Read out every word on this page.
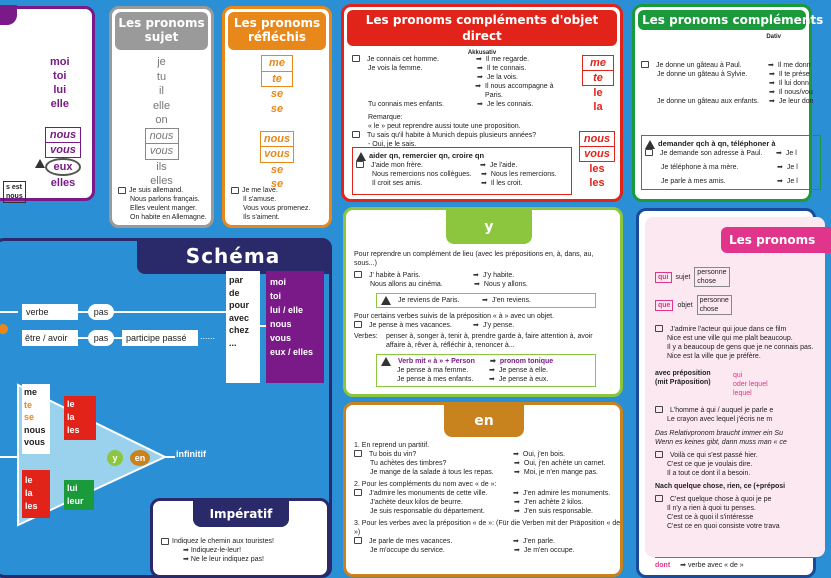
moi
toi
lui
elle
nous
vous
eux
elles
s est
nous
Les pronoms sujet
je
tu
il
elle
on
nous
vous
ils
elles
Je suis allemand.
Nous parlons français.
Elles veulent manger.
On habite en Allemagne.
Les pronoms réfléchis
me
te
se
se
nous
vous
se
se
Je me lave.
Il s'amuse.
Vous vous promenez.
Ils s'aiment.
Les pronoms compléments d'objet direct
Akkusativ
Je connais cet homme.	➡ Il me regarde.
Je vois la femme.	➡ Il te connais.
➡ Je la vois.
➡ Il nous accompagne à Paris.
Tu connais mes enfants.	➡ Je les connais.
Remarque:
« le » peut reprendre aussi toute une proposition.
Tu sais qu'il habite à Munich depuis plusieurs années?
- Oui, je le sais.
aider qn, remercier qn, croire qn
J'aide mon frère.	➡ Je l'aide.
Nous remercions nos collègues.	➡ Nous les remercions.
Il croit ses amis.	➡ Il les croit.
me
te
le
la
nous
vous
les
les
Les pronoms compléments
Dativ
Je donne un gâteau à Paul.	➡ Il me donn
Je donne un gâteau à Sylvie.	➡ Il te prése
➡ Il lui donn
➡ Il nous/vou
Je donne un gâteau aux enfants.	➡ Je leur don
demander qch à qn, téléphoner à
Je demande son adresse à Paul.	➡ Je l
Je téléphone à ma mère.	➡ Je l
Je parle à mes amis.	➡ Je l
y
Pour reprendre un complément de lieu (avec les prépositions en, à, dans, au, sous...)
J' habite à Paris.	➡ J'y habite.
Nous allons au cinéma.	➡ Nous y allons.
Je reviens de Paris.	➡ J'en reviens.
Pour certains verbes suivis de la préposition « à » avec un objet.
Je pense à mes vacances.	➡ J'y pense.
Verbes:	penser à, songer à, tenir à, prendre garde à, faire attention à, avoir affaire à, rêver à, réfléchir à, renoncer à...
Verb mit « à » + Person	➡ pronom tonique
Je pense à ma femme.	➡ Je pense à elle.
Je pense à mes enfants.	➡ Je pense à eux.
en
1. En reprend un partitif.
Tu bois du vin?	➡ Oui, j'en bois.
Tu achètes des timbres?	➡ Oui, j'en achète un carnet.
Je mange de la salade à tous les repas.	➡ Moi, je n'en mange pas.
2. Pour les compléments du nom avec « de »:
J'admire les monuments de cette ville.	➡ J'en admire les monuments.
J'achète deux kilos de beurre.	➡ J'en achète 2 kilos.
Je suis responsable du département.	➡ J'en suis responsable.
3. Pour les verbes avec la préposition « de »: (Für die Verben mit der Präposition « de »)
Je parle de mes vacances.	➡ J'en parle.
Je m'occupe du service.	➡ Je m'en occupe.
Les pronoms
qui	sujet
personne
chose
que	objet
personne
chose
J'admire l'acteur qui joue dans ce film
Nice est une ville qui me plaît beaucoup.
Il y a beaucoup de gens que je ne connais pas.
Nice est la ville que je préfère.
avec préposition (mit Präposition)
qui
oder lequel
lequel
L'homme à qui / auquel je parle e
Le crayon avec lequel j'écris ne m
Das Relativpronom braucht immer ein Su
Wenn es keines gibt, dann muss man « ce
Voilà ce qui s'est passé hier.
C'est ce que je voulais dire.
Il a tout ce dont il a besoin.
Nach quelque chose, rien, ce (+préposi
C'est quelque chose à quoi je pe
Il n'y a rien à quoi tu penses.
C'est ce à quoi il s'intéresse
C'est ce en quoi consiste votre trava
dont ➡ verbe avec « de »
Schéma
verbe	pas
être / avoir	pas	participe passé	......
par
de
pour
avec
chez
...
moi
toi
lui / elle
nous
vous
eux / elles
me
te
se
nous
vous
le
la
les
le
la
les
lui
leur
y	en	infinitif
Impératif
Indiquez le chemin aux touristes!
➡ Indiquez-le-leur!
➡ Ne le leur indiquez pas!
